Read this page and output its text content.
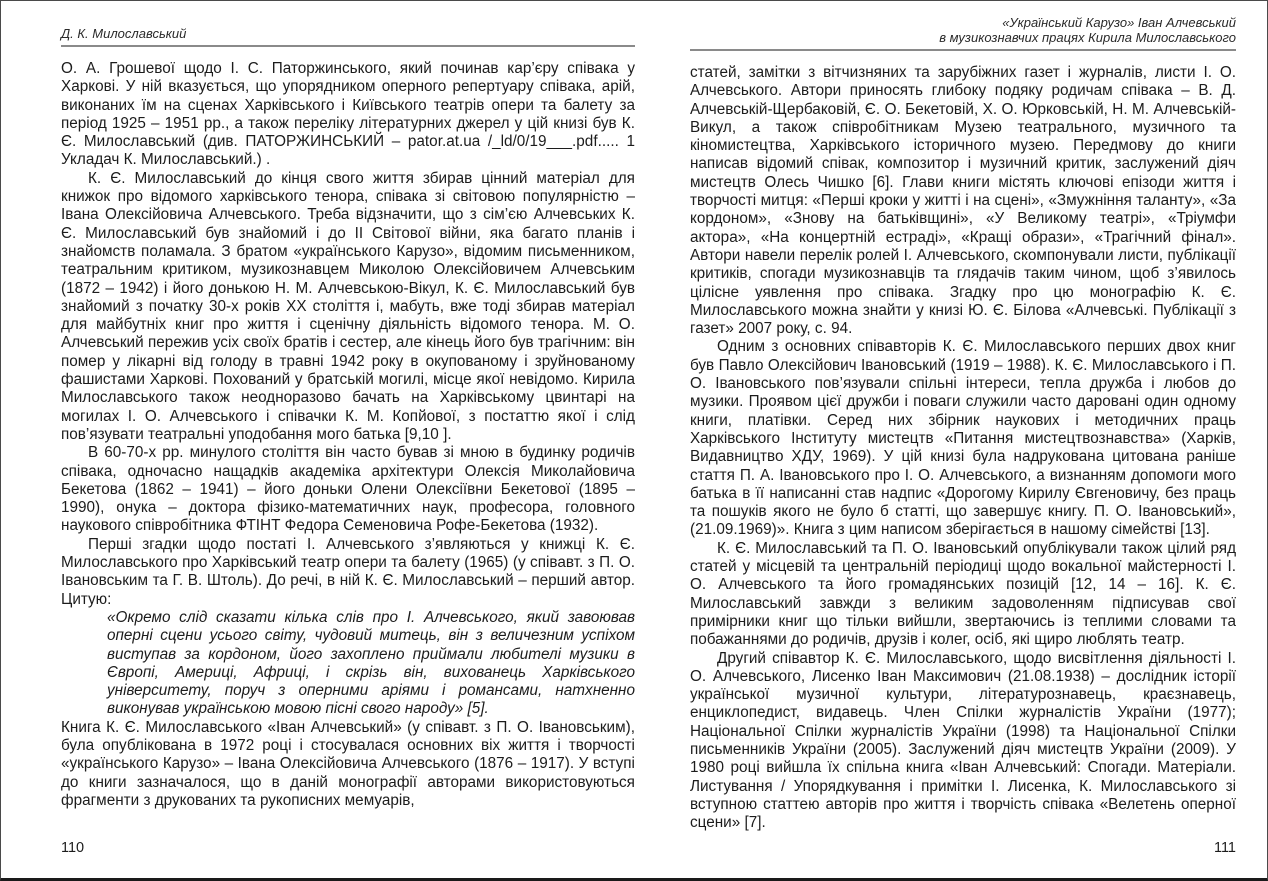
Д. К. Милославський

О. А. Грошевої щодо І. С. Паторжинського, який починав кар’єру співака у Харкові. У ній вказується, що упорядником оперного репертуару співака, арій, виконаних їм на сценах Харківського і Київського театрів опери та балету за період 1925 – 1951 рр., а також переліку літературних джерел у цій книзі був К. Є. Милославський (див. ПАТОРЖИНСЬКИЙ – pator.at.ua /_ld/0/19___.pdf..... 1 Укладач К. Милославський.) .

К. Є. Милославський до кінця свого життя збирав цінний матеріал для книжок про відомого харківського тенора, співака зі світовою популярністю – Івана Олексійовича Алчевського. Треба відзначити, що з сім’єю Алчевських К. Є. Милославський був знайомий і до II Світової війни, яка багато планів і знайомств поламала. З братом «українського Карузо», відомим письменником, театральним критиком, музикознавцем Миколою Олексійовичем Алчевським (1872 – 1942) і його донькою Н. М. Алчевською-Вікул, К. Є. Милославський був знайомий з початку 30-х років XX століття і, мабуть, вже тоді збирав матеріал для майбутніх книг про життя і сценічну діяльність відомого тенора. М. О. Алчевський пережив усіх своїх братів і сестер, але кінець його був трагічним: він помер у лікарні від голоду в травні 1942 року в окупованому і зруйнованому фашистами Харкові. Похований у братській могилі, місце якої невідомо. Кирила Милославського також неодноразово бачать на Харківському цвинтарі на могилах І. О. Алчевського і співачки К. М. Копйової, з постаттю якої і слід пов’язувати театральні уподобання мого батька [9,10 ].

В 60-70-х рр. минулого століття він часто бував зі мною в будинку родичів співака, одночасно нащадків академіка архітектури Олексія Миколайовича Бекетова (1862 – 1941) – його доньки Олени Олексіївни Бекетової (1895 – 1990), онука – доктора фізико-математичних наук, професора, головного наукового співробітника ФТІНТ Федора Семеновича Рофе-Бекетова (1932).

Перші згадки щодо постаті І. Алчевського з’являються у книжці К. Є. Милославського про Харківський театр опери та балету (1965) (у співавт. з П. О. Івановським та Г. В. Штоль). До речі, в ній К. Є. Милославський – перший автор. Цитую:

«Окремо слід сказати кілька слів про І. Алчевського, який завоював оперні сцени усього світу, чудовий митець, він з величезним успіхом виступав за кордоном, його захоплено приймали любителі музики в Європі, Америці, Африці, і скрізь він, вихованець Харківського університету, поруч з оперними аріями і романсами, натхненно виконував українською мовою пісні свого народу» [5].

Книга К. Є. Милославського «Іван Алчевський» (у співавт. з П. О. Івановським), була опублікована в 1972 році і стосувалася основних віх життя і творчості «українського Карузо» – Івана Олексійовича Алчевського (1876 – 1917). У вступі до книги зазначалося, що в даній монографії авторами використовуються фрагменти з друкованих та рукописних мемуарів,

110
«Український Карузо» Іван Алчевський
в музикознавчих працях Кирила Милославського

статей, замітки з вітчизняних та зарубіжних газет і журналів, листи І. О. Алчевського. Автори приносять глибоку подяку родичам співака – В. Д. Алчевській-Щербаковій, Є. О. Бекетовій, Х. О. Юрковській, Н. М. Алчевській-Викул, а також співробітникам Музею театрального, музичного та кіномистецтва, Харківського історичного музею. Передмову до книги написав відомий співак, композитор і музичний критик, заслужений діяч мистецтв Олесь Чишко [6]. Глави книги містять ключові епізоди життя і творчості митця: «Перші кроки у житті і на сцені», «Змужніння таланту», «За кордоном», «Знову на батьківщині», «У Великому театрі», «Тріумфи актора», «На концертній естраді», «Кращі образи», «Трагічний фінал». Автори навели перелік ролей І. Алчевського, скомпонували листи, публікації критиків, спогади музикознавців та глядачів таким чином, щоб з’явилось цілісне уявлення про співака. Згадку про цю монографію К. Є. Милославського можна знайти у книзі Ю. Є. Білова «Алчевські. Публікації з газет» 2007 року, с. 94.

Одним з основних співавторів К. Є. Милославського перших двох книг був Павло Олексійович Івановський (1919 – 1988). К. Є. Милославського і П. О. Івановського пов’язували спільні інтереси, тепла дружба і любов до музики. Проявом цієї дружби і поваги служили часто даровані один одному книги, платівки. Серед них збірник наукових і методичних праць Харківського Інституту мистецтв «Питання мистецтвознавства» (Харків, Видавництво ХДУ, 1969). У цій книзі була надрукована цитована раніше стаття П. А. Івановського про І. О. Алчевського, а визнанням допомоги мого батька в її написанні став надпис «Дорогому Кирилу Євгеновичу, без праць та пошуків якого не було б статті, що завершує книгу. П. О. Івановський», (21.09.1969)». Книга з цим написом зберігається в нашому сімействі [13].

К. Є. Милославський та П. О. Івановський опублікували також цілий ряд статей у місцевій та центральній періодиці щодо вокальної майстерності І. О. Алчевського та його громадянських позицій [12, 14 – 16]. К. Є. Милославський завжди з великим задоволенням підписував свої примірники книг що тільки вийшли, звертаючись із теплими словами та побажаннями до родичів, друзів і колег, осіб, які щиро люблять театр.

Другий співавтор К. Є. Милославського, щодо висвітлення діяльності І. О. Алчевського, Лисенко Іван Максимович (21.08.1938) – дослідник історії української музичної культури, літературознавець, краєзнавець, енциклопедист, видавець. Член Спілки журналістів України (1977); Національної Спілки журналістів України (1998) та Національної Спілки письменників України (2005). Заслужений діяч мистецтв України (2009). У 1980 році вийшла їх спільна книга «Іван Алчевський: Спогади. Матеріали. Листування / Упорядкування і примітки І. Лисенка, К. Милославського зі вступною статтею авторів про життя і творчість співака «Велетень оперної сцени» [7].

111
